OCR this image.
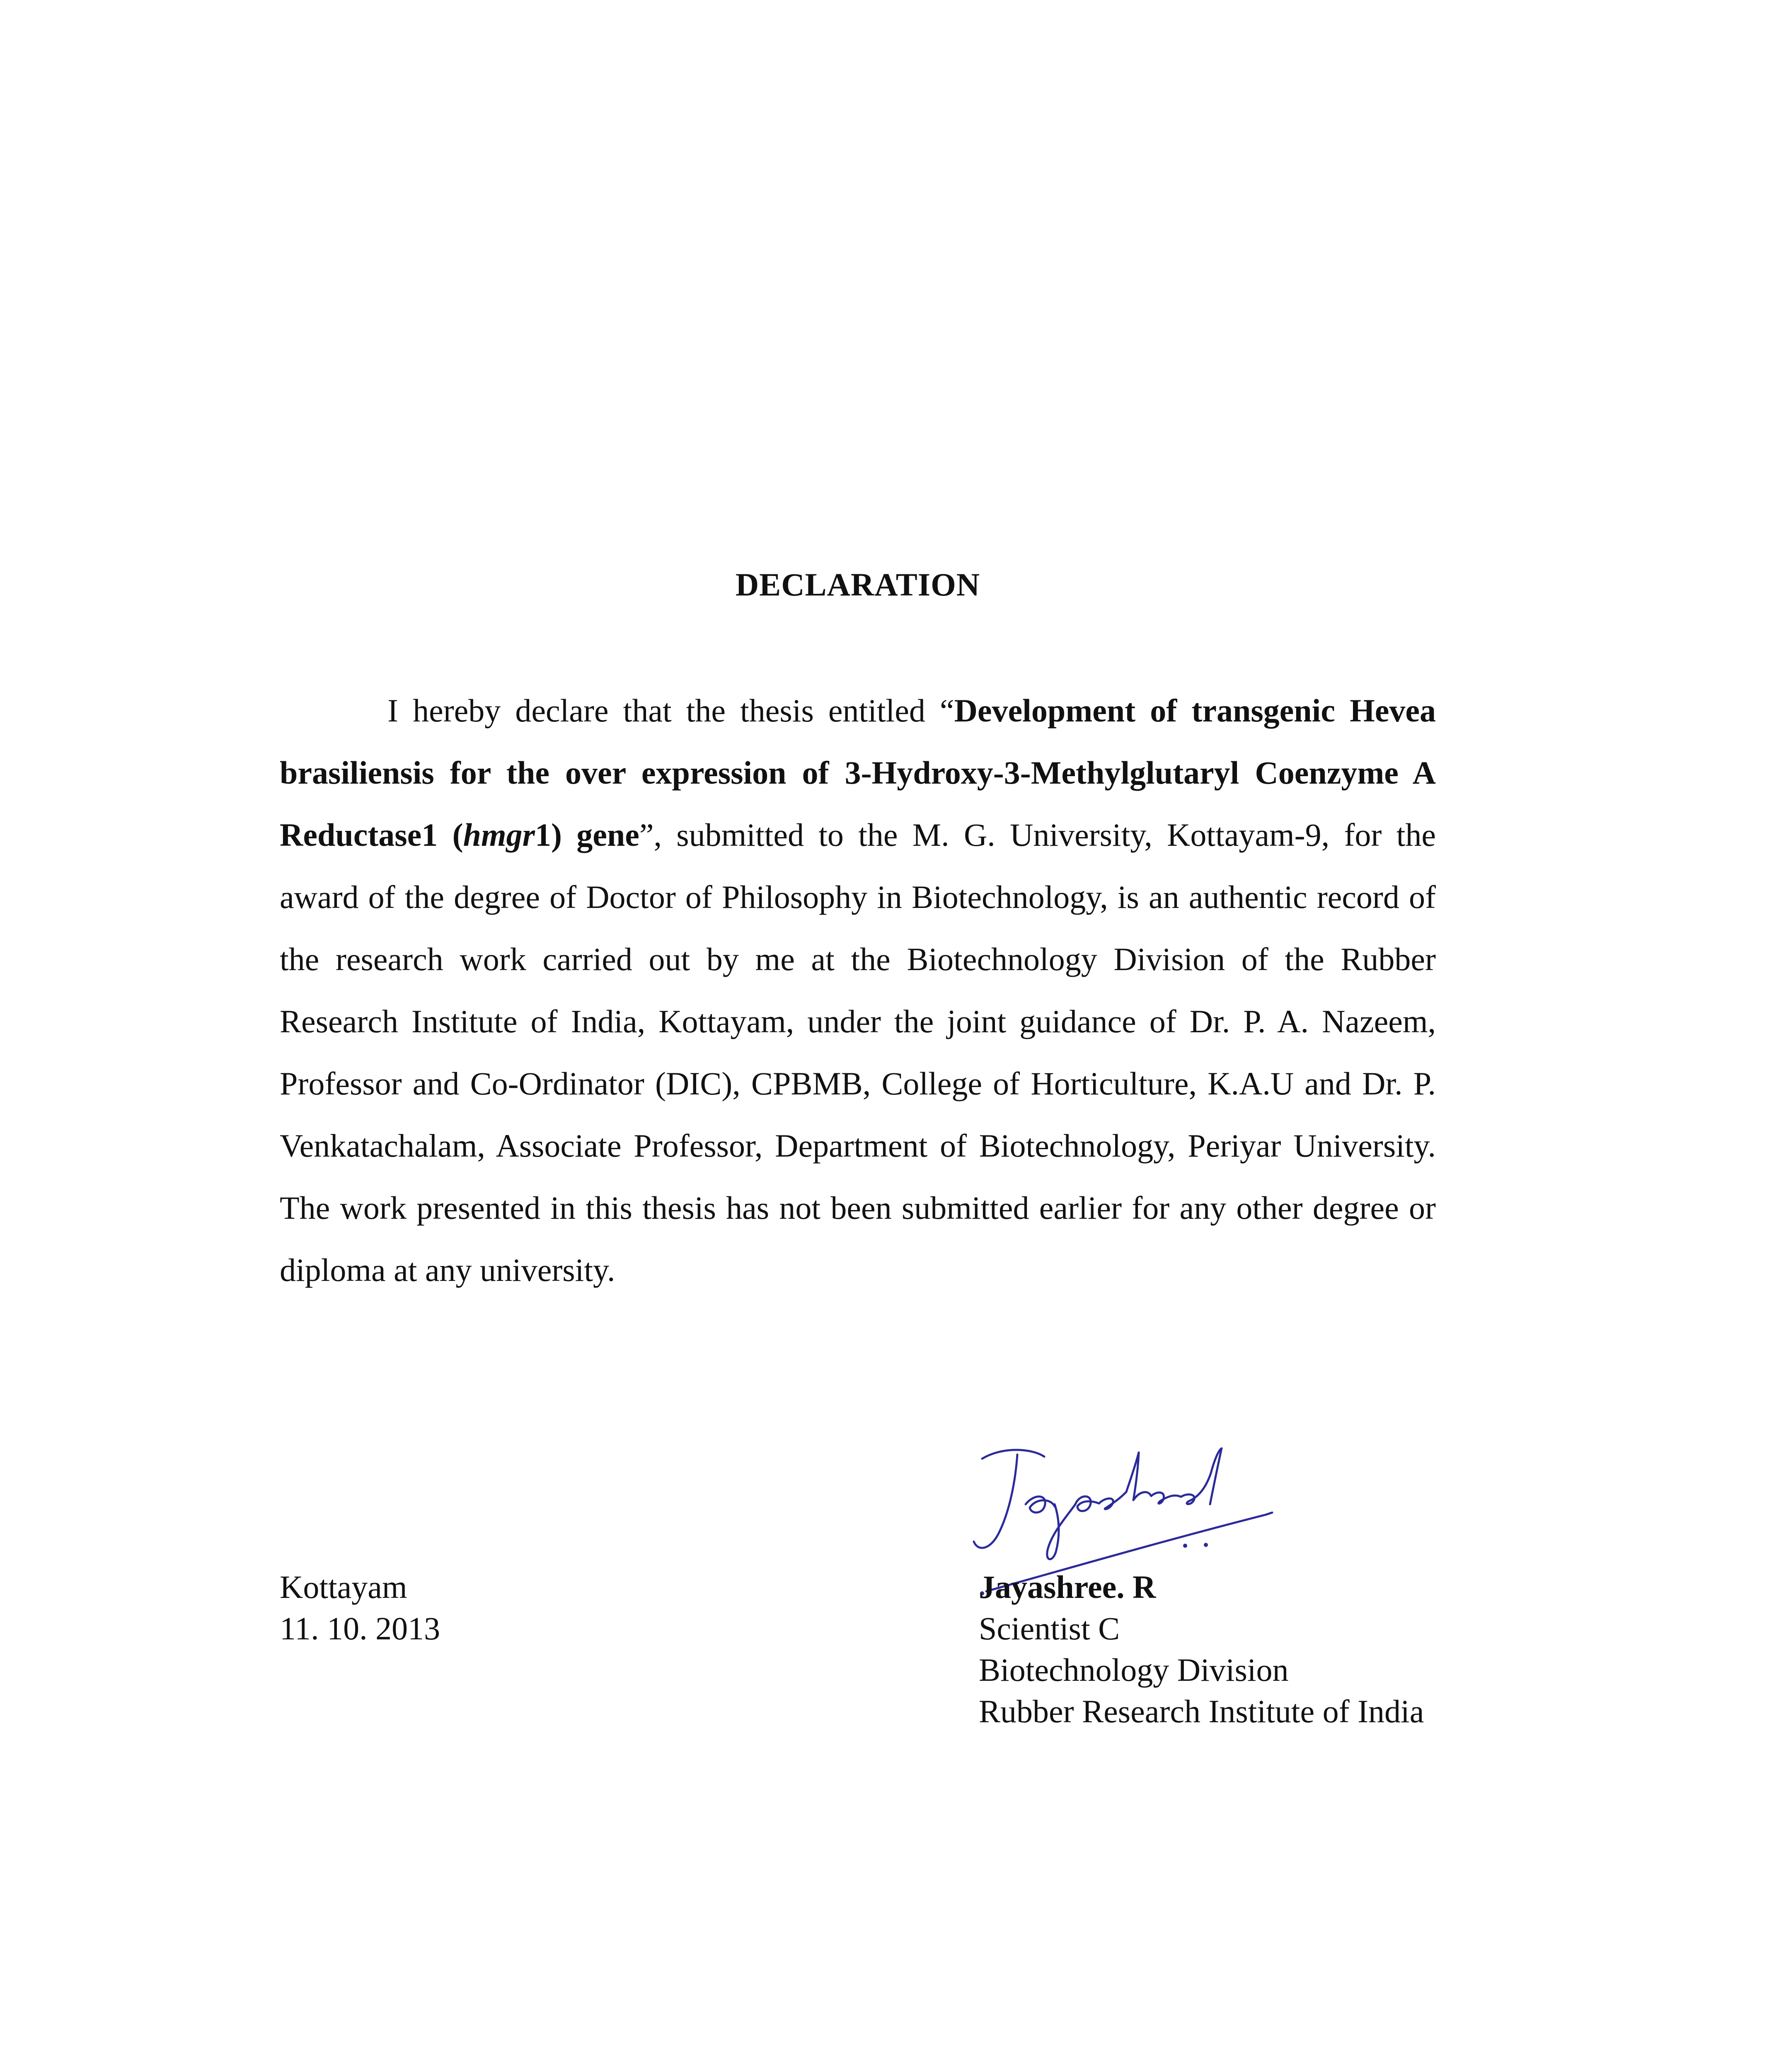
DECLARATION
I hereby declare that the thesis entitled “Development of transgenic Hevea brasiliensis for the over expression of 3-Hydroxy-3-Methylglutaryl Coenzyme A Reductase1 (hmgr1) gene”, submitted to the M. G. University, Kottayam-9, for the award of the degree of Doctor of Philosophy in Biotechnology, is an authentic record of the research work carried out by me at the Biotechnology Division of the Rubber Research Institute of India, Kottayam, under the joint guidance of Dr. P. A. Nazeem, Professor and Co-Ordinator (DIC), CPBMB, College of Horticulture, K.A.U and Dr. P. Venkatachalam, Associate Professor, Department of Biotechnology, Periyar University. The work presented in this thesis has not been submitted earlier for any other degree or diploma at any university.
Kottayam
11. 10. 2013
Jayashree. R
Scientist C
Biotechnology Division
Rubber Research Institute of India
